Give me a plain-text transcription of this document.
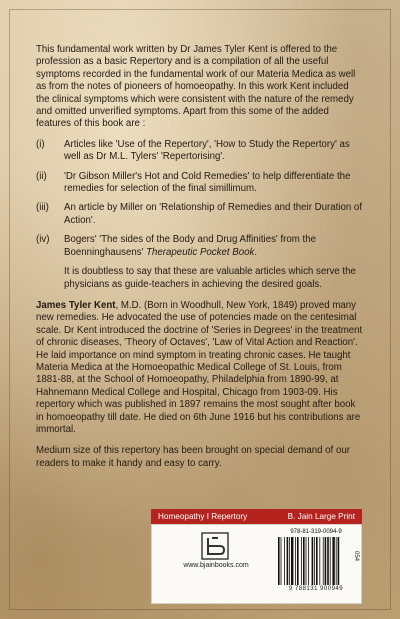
This fundamental work written by Dr James Tyler Kent is offered to the profession as a basic Repertory and is a compilation of all the useful symptoms recorded in the fundamental work of our Materia Medica as well as from the notes of pioneers of homoeopathy. In this work Kent included the clinical symptoms which were consistent with the nature of the remedy and omitted unverified symptoms. Apart from this some of the added features of this book are :

(i)	Articles like 'Use of the Repertory', 'How to Study the Repertory' as well as Dr M.L. Tylers' 'Repertorising'.
(ii)	'Dr Gibson Miller's Hot and Cold Remedies' to help differentiate the remedies for selection of the final simillimum.
(iii)	An article by Miller on 'Relationship of Remedies and their Duration of Action'.
(iv)	Bogers' 'The sides of the Body and Drug Affinities' from the Boenninghausens' Therapeutic Pocket Book.

It is doubtless to say that these are valuable articles which serve the physicians as guide-teachers in achieving the desired goals.

James Tyler Kent, M.D. (Born in Woodhull, New York, 1849) proved many new remedies. He advocated the use of potencies made on the centesimal scale. Dr Kent introduced the doctrine of 'Series in Degrees' in the treatment of chronic diseases, 'Theory of Octaves', 'Law of Vital Action and Reaction'. He laid importance on mind symptom in treating chronic cases. He taught Materia Medica at the Homoeopathic Medical College of St. Louis, from 1881-88, at the School of Homoeopathy, Philadelphia from 1890-99, at Hahnemann Medical College and Hospital, Chicago from 1903-09. His repertory which was published in 1897 remains the most sought after book in homoeopathy till date. He died on 6th June 1916 but his contributions are immortal.

Medium size of this repertory has been brought on special demand of our readers to make it handy and easy to carry.

Homeopathy I Repertory	B. Jain Large Print
www.bjainbooks.com
978-81-319-0094-9
9 788131 900949
054
